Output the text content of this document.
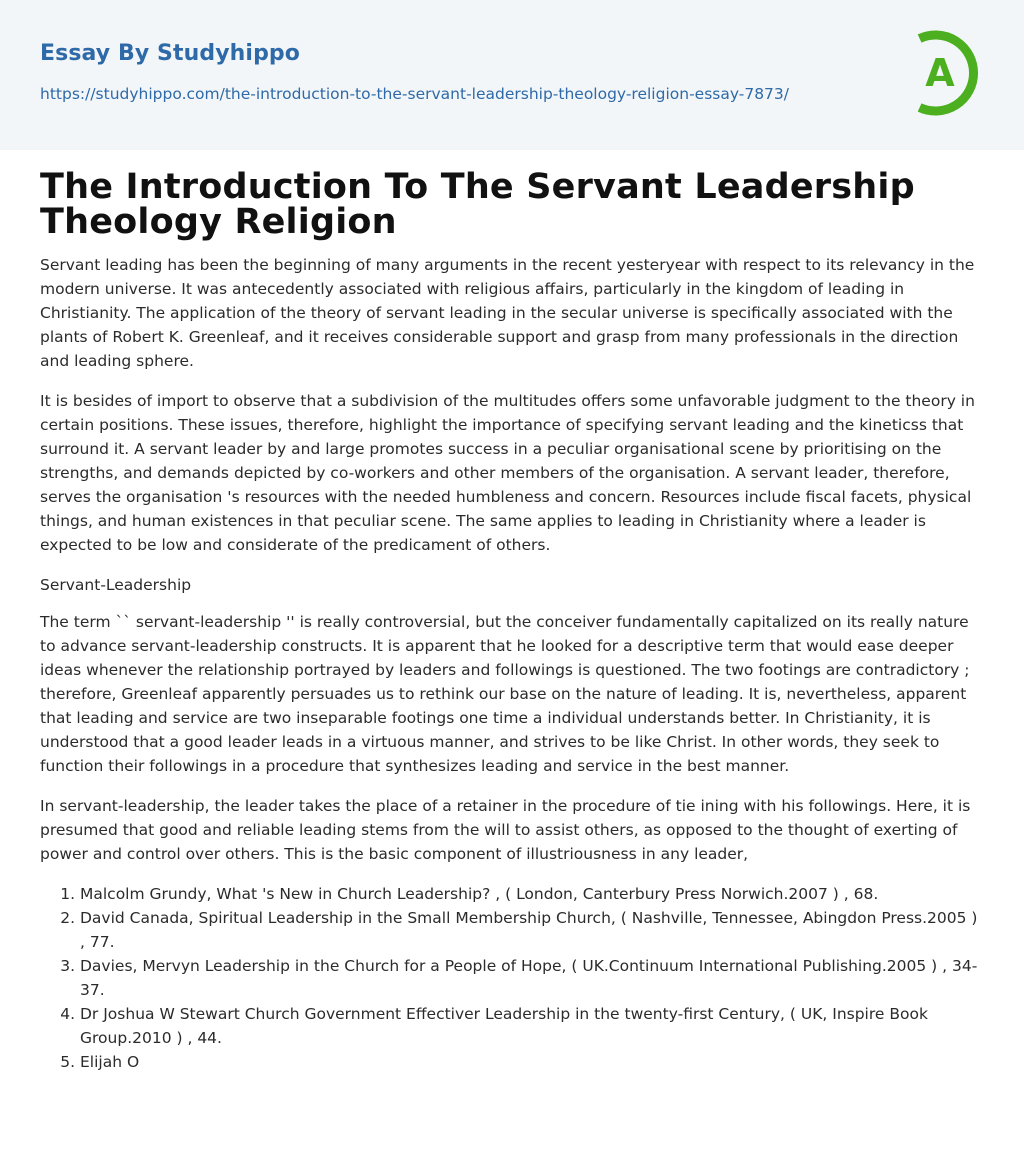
Essay By Studyhippo
https://studyhippo.com/the-introduction-to-the-servant-leadership-theology-religion-essay-7873/	A
The Introduction To The Servant Leadership Theology Religion

Servant leading has been the beginning of many arguments in the recent yesteryear with respect to its relevancy in the modern universe. It was antecedently associated with religious affairs, particularly in the kingdom of leading in Christianity. The application of the theory of servant leading in the secular universe is specifically associated with the plants of Robert K. Greenleaf, and it receives considerable support and grasp from many professionals in the direction and leading sphere.

It is besides of import to observe that a subdivision of the multitudes offers some unfavorable judgment to the theory in certain positions. These issues, therefore, highlight the importance of specifying servant leading and the kineticss that surround it. A servant leader by and large promotes success in a peculiar organisational scene by prioritising on the strengths, and demands depicted by co-workers and other members of the organisation. A servant leader, therefore, serves the organisation 's resources with the needed humbleness and concern. Resources include fiscal facets, physical things, and human existences in that peculiar scene. The same applies to leading in Christianity where a leader is expected to be low and considerate of the predicament of others.

Servant-Leadership

The term `` servant-leadership '' is really controversial, but the conceiver fundamentally capitalized on its really nature to advance servant-leadership constructs. It is apparent that he looked for a descriptive term that would ease deeper ideas whenever the relationship portrayed by leaders and followings is questioned. The two footings are contradictory ; therefore, Greenleaf apparently persuades us to rethink our base on the nature of leading. It is, nevertheless, apparent that leading and service are two inseparable footings one time a individual understands better. In Christianity, it is understood that a good leader leads in a virtuous manner, and strives to be like Christ. In other words, they seek to function their followings in a procedure that synthesizes leading and service in the best manner.

In servant-leadership, the leader takes the place of a retainer in the procedure of tie ining with his followings. Here, it is presumed that good and reliable leading stems from the will to assist others, as opposed to the thought of exerting of power and control over others. This is the basic component of illustriousness in any leader,

1. Malcolm Grundy, What 's New in Church Leadership? , ( London, Canterbury Press Norwich.2007 ) , 68.
2. David Canada, Spiritual Leadership in the Small Membership Church, ( Nashville, Tennessee, Abingdon Press.2005 ) , 77.
3. Davies, Mervyn Leadership in the Church for a People of Hope, ( UK.Continuum International Publishing.2005 ) , 34-37.
4. Dr Joshua W Stewart Church Government Effectiver Leadership in the twenty-first Century, ( UK, Inspire Book Group.2010 ) , 44.
5. Elijah O
